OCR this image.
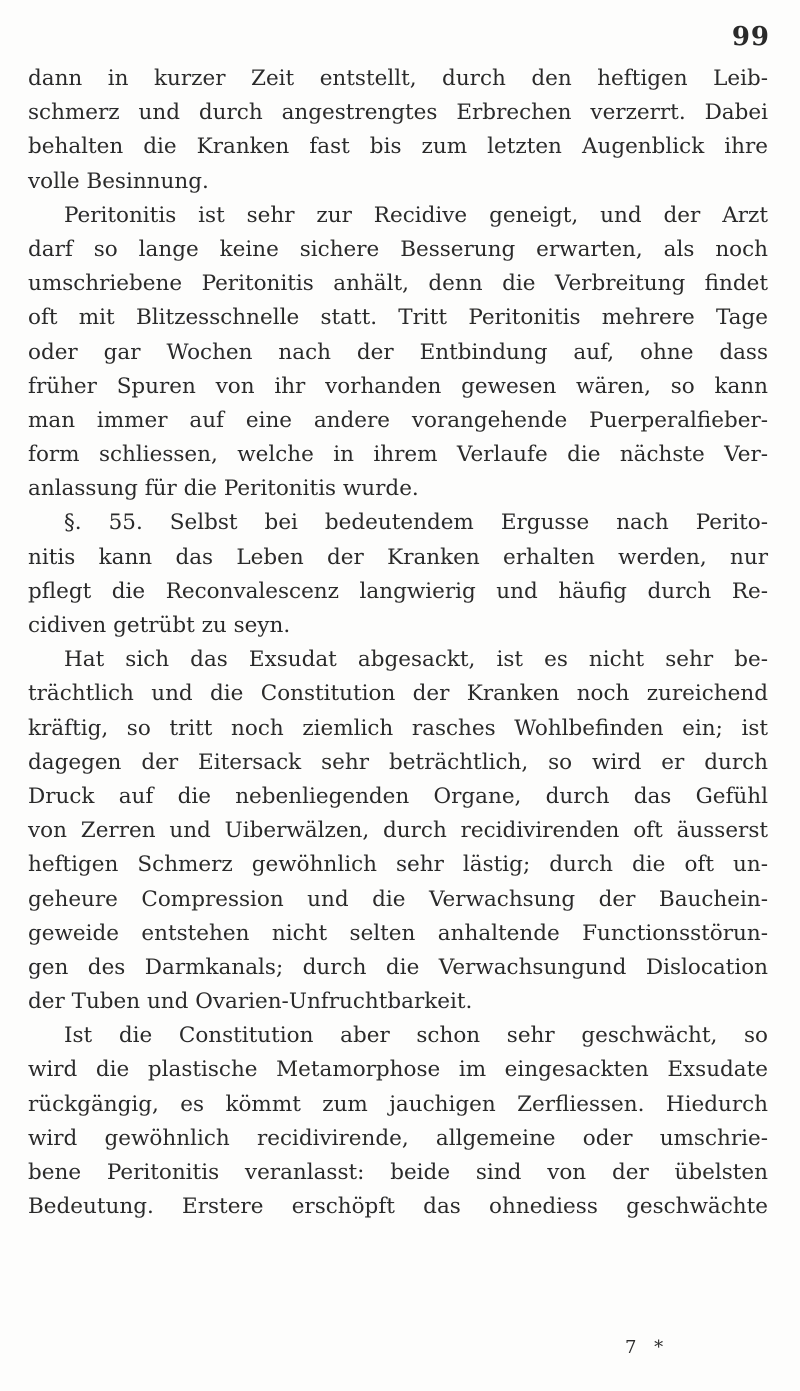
99
dann in kurzer Zeit entstellt, durch den heftigen Leib-
schmerz und durch angestrengtes Erbrechen verzerrt. Dabei
behalten die Kranken fast bis zum letzten Augenblick ihre
volle Besinnung.
Peritonitis ist sehr zur Recidive geneigt, und der Arzt
darf so lange keine sichere Besserung erwarten, als noch
umschriebene Peritonitis anhält, denn die Verbreitung findet
oft mit Blitzesschnelle statt. Tritt Peritonitis mehrere Tage
oder gar Wochen nach der Entbindung auf, ohne dass
früher Spuren von ihr vorhanden gewesen wären, so kann
man immer auf eine andere vorangehende Puerperalfieber-
form schliessen, welche in ihrem Verlaufe die nächste Ver-
anlassung für die Peritonitis wurde.
§. 55. Selbst bei bedeutendem Ergusse nach Perito-
nitis kann das Leben der Kranken erhalten werden, nur
pflegt die Reconvalescenz langwierig und häufig durch Re-
cidiven getrübt zu seyn.
Hat sich das Exsudat abgesackt, ist es nicht sehr be-
trächtlich und die Constitution der Kranken noch zureichend
kräftig, so tritt noch ziemlich rasches Wohlbefinden ein; ist
dagegen der Eitersack sehr beträchtlich, so wird er durch
Druck auf die nebenliegenden Organe, durch das Gefühl
von Zerren und Uiberwälzen, durch recidivirenden oft äusserst
heftigen Schmerz gewöhnlich sehr lästig; durch die oft un-
geheure Compression und die Verwachsung der Bauchein-
geweide entstehen nicht selten anhaltende Functionsstörun-
gen des Darmkanals; durch die Verwachsungund Dislocation
der Tuben und Ovarien-Unfruchtbarkeit.
Ist die Constitution aber schon sehr geschwächt, so
wird die plastische Metamorphose im eingesackten Exsudate
rückgängig, es kömmt zum jauchigen Zerfliessen. Hiedurch
wird gewöhnlich recidivirende, allgemeine oder umschrie-
bene Peritonitis veranlasst: beide sind von der übelsten
Bedeutung. Erstere erschöpft das ohnediess geschwächte
7 *
